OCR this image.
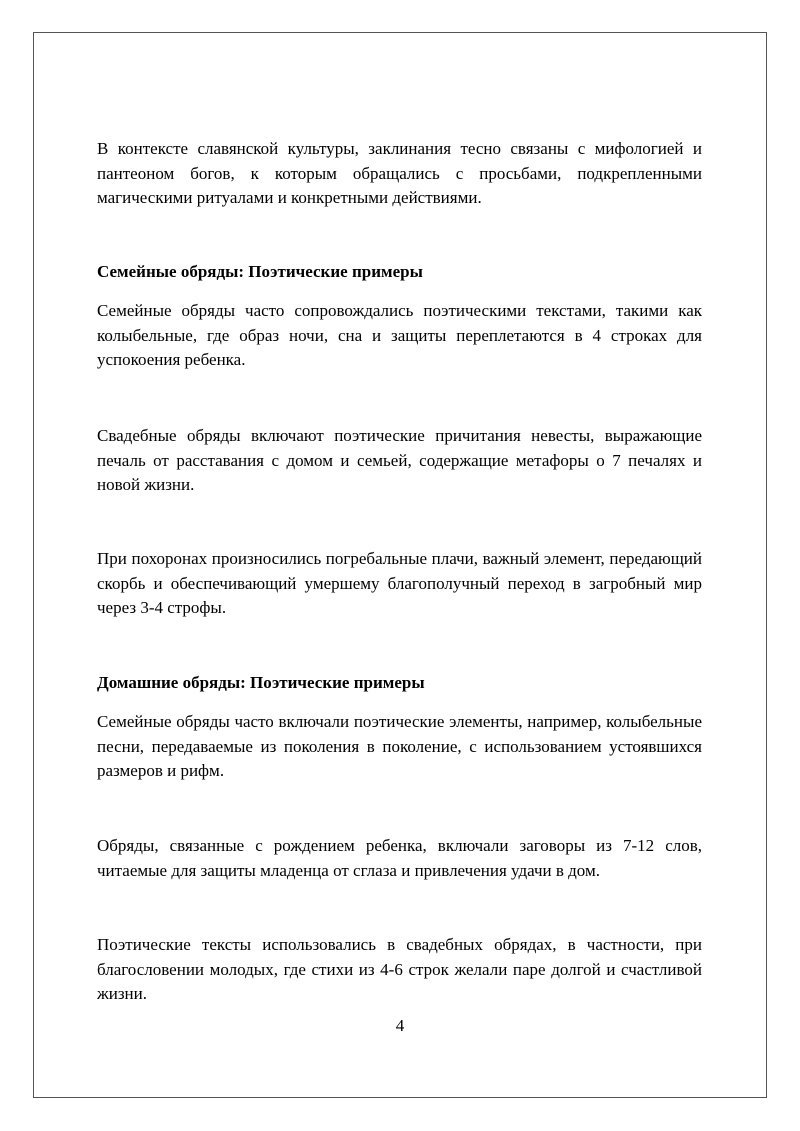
В контексте славянской культуры, заклинания тесно связаны с мифологией и пантеоном богов, к которым обращались с просьбами, подкрепленными магическими ритуалами и конкретными действиями.

Семейные обряды: Поэтические примеры

Семейные обряды часто сопровождались поэтическими текстами, такими как колыбельные, где образ ночи, сна и защиты переплетаются в 4 строках для успокоения ребенка.

Свадебные обряды включают поэтические причитания невесты, выражающие печаль от расставания с домом и семьей, содержащие метафоры о 7 печалях и новой жизни.

При похоронах произносились погребальные плачи, важный элемент, передающий скорбь и обеспечивающий умершему благополучный переход в загробный мир через 3-4 строфы.

Домашние обряды: Поэтические примеры

Семейные обряды часто включали поэтические элементы, например, колыбельные песни, передаваемые из поколения в поколение, с использованием устоявшихся размеров и рифм.

Обряды, связанные с рождением ребенка, включали заговоры из 7-12 слов, читаемые для защиты младенца от сглаза и привлечения удачи в дом.

Поэтические тексты использовались в свадебных обрядах, в частности, при благословении молодых, где стихи из 4-6 строк желали паре долгой и счастливой жизни.

4
